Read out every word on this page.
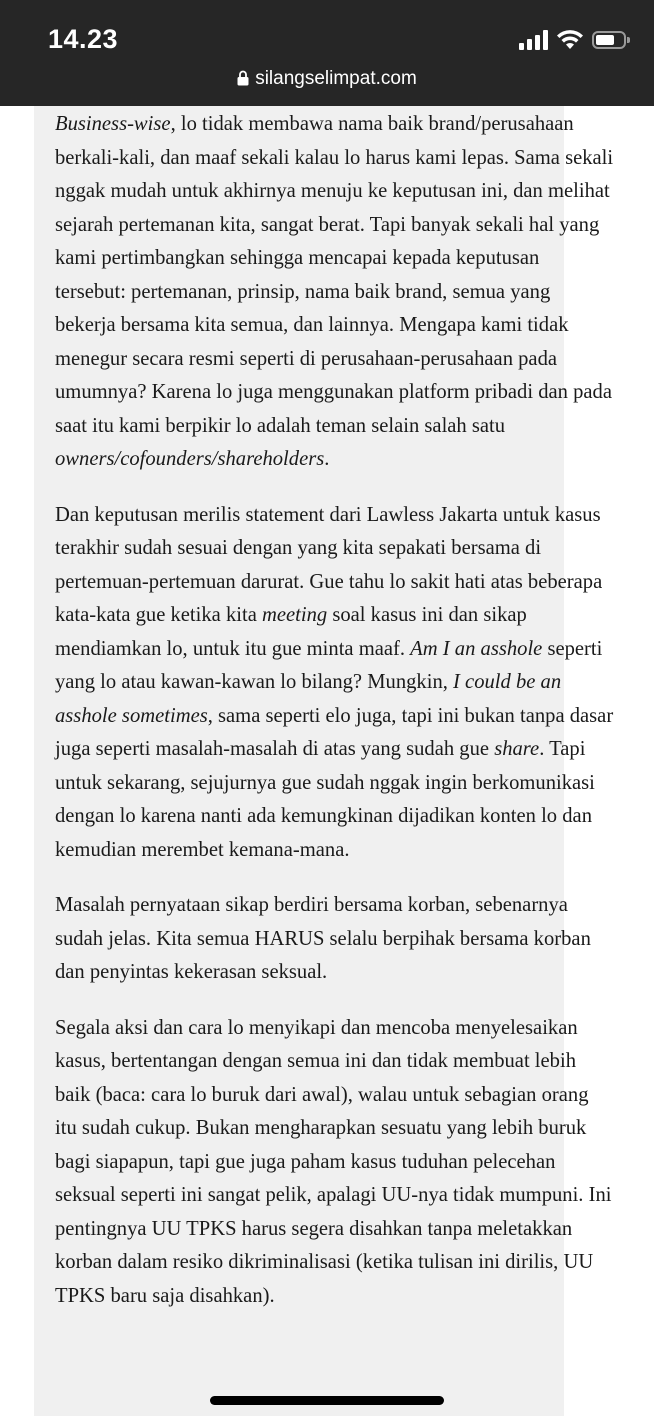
14.23
silangselimpat.com

Business-wise, lo tidak membawa nama baik brand/perusahaan berkali-kali, dan maaf sekali kalau lo harus kami lepas. Sama sekali nggak mudah untuk akhirnya menuju ke keputusan ini, dan melihat sejarah pertemanan kita, sangat berat. Tapi banyak sekali hal yang kami pertimbangkan sehingga mencapai kepada keputusan tersebut: pertemanan, prinsip, nama baik brand, semua yang bekerja bersama kita semua, dan lainnya. Mengapa kami tidak menegur secara resmi seperti di perusahaan-perusahaan pada umumnya? Karena lo juga menggunakan platform pribadi dan pada saat itu kami berpikir lo adalah teman selain salah satu owners/cofounders/shareholders.

Dan keputusan merilis statement dari Lawless Jakarta untuk kasus terakhir sudah sesuai dengan yang kita sepakati bersama di pertemuan-pertemuan darurat. Gue tahu lo sakit hati atas beberapa kata-kata gue ketika kita meeting soal kasus ini dan sikap mendiamkan lo, untuk itu gue minta maaf. Am I an asshole seperti yang lo atau kawan-kawan lo bilang? Mungkin, I could be an asshole sometimes, sama seperti elo juga, tapi ini bukan tanpa dasar juga seperti masalah-masalah di atas yang sudah gue share. Tapi untuk sekarang, sejujurnya gue sudah nggak ingin berkomunikasi dengan lo karena nanti ada kemungkinan dijadikan konten lo dan kemudian merembet kemana-mana.

Masalah pernyataan sikap berdiri bersama korban, sebenarnya sudah jelas. Kita semua HARUS selalu berpihak bersama korban dan penyintas kekerasan seksual.

Segala aksi dan cara lo menyikapi dan mencoba menyelesaikan kasus, bertentangan dengan semua ini dan tidak membuat lebih baik (baca: cara lo buruk dari awal), walau untuk sebagian orang itu sudah cukup. Bukan mengharapkan sesuatu yang lebih buruk bagi siapapun, tapi gue juga paham kasus tuduhan pelecehan seksual seperti ini sangat pelik, apalagi UU-nya tidak mumpuni. Ini pentingnya UU TPKS harus segera disahkan tanpa meletakkan korban dalam resiko dikriminalisasi (ketika tulisan ini dirilis, UU TPKS baru saja disahkan).
